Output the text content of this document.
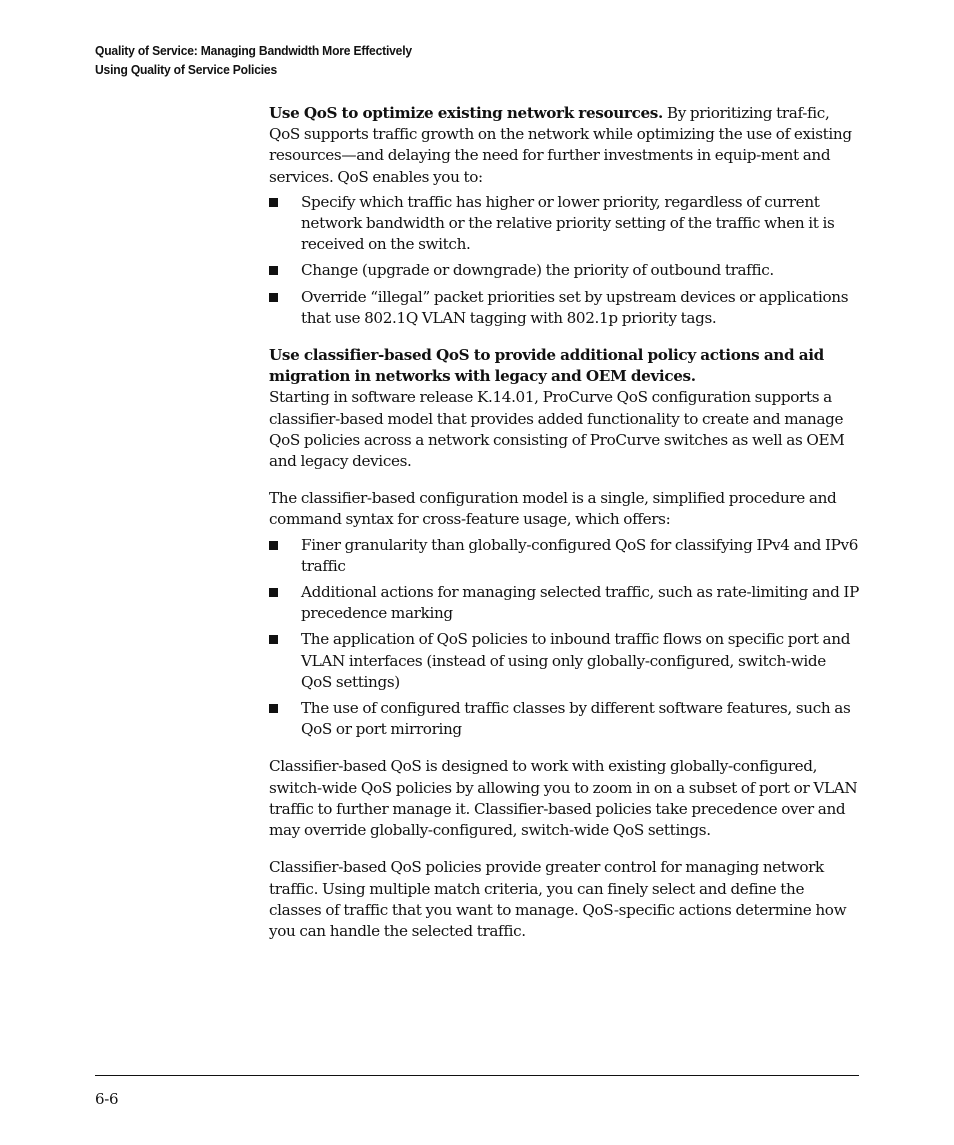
Quality of Service: Managing Bandwidth More Effectively
Using Quality of Service Policies

Use QoS to optimize existing network resources. By prioritizing traf-fic, QoS supports traffic growth on the network while optimizing the use of existing resources—and delaying the need for further investments in equip-ment and services. QoS enables you to:

Specify which traffic has higher or lower priority, regardless of current network bandwidth or the relative priority setting of the traffic when it is received on the switch.
Change (upgrade or downgrade) the priority of outbound traffic.
Override “illegal” packet priorities set by upstream devices or applications that use 802.1Q VLAN tagging with 802.1p priority tags.

Use classifier-based QoS to provide additional policy actions and aid migration in networks with legacy and OEM devices.

Starting in software release K.14.01, ProCurve QoS configuration supports a classifier-based model that provides added functionality to create and manage QoS policies across a network consisting of ProCurve switches as well as OEM and legacy devices.

The classifier-based configuration model is a single, simplified procedure and command syntax for cross-feature usage, which offers:

Finer granularity than globally-configured QoS for classifying IPv4 and IPv6 traffic
Additional actions for managing selected traffic, such as rate-limiting and IP precedence marking
The application of QoS policies to inbound traffic flows on specific port and VLAN interfaces (instead of using only globally-configured, switch-wide QoS settings)
The use of configured traffic classes by different software features, such as QoS or port mirroring

Classifier-based QoS is designed to work with existing globally-configured, switch-wide QoS policies by allowing you to zoom in on a subset of port or VLAN traffic to further manage it. Classifier-based policies take precedence over and may override globally-configured, switch-wide QoS settings.

Classifier-based QoS policies provide greater control for managing network traffic. Using multiple match criteria, you can finely select and define the classes of traffic that you want to manage. QoS-specific actions determine how you can handle the selected traffic.

6-6
